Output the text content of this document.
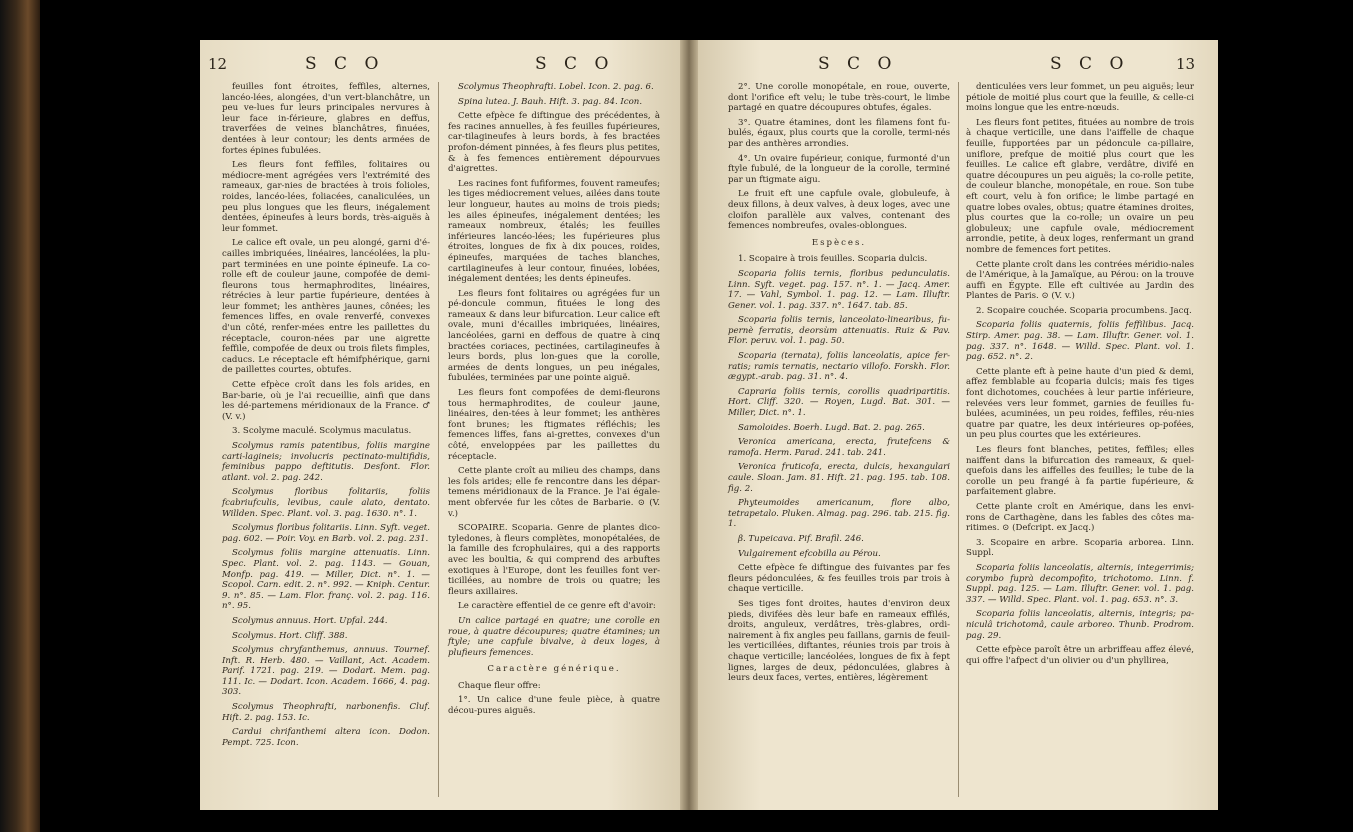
12	S C O	S C O

feuilles font étroites, feffiles, alternes, lancéo-lées, alongées, d'un vert-blanchâtre, un peu ve-lues fur leurs principales nervures à leur face in-férieure, glabres en deffus, traverfées de veines blanchâtres, finuées, dentées à leur contour; les dents armées de fortes épines fubulées.

Les fleurs font feffiles, folitaires ou médiocre-ment agrégées vers l'extrémité des rameaux, gar-nies de bractées à trois folioles, roides, lancéo-lées, foliacées, canaliculées, un peu plus longues que les fleurs, inégalement dentées, épineufes à leurs bords, très-aiguës à leur fommet.

Le calice eft ovale, un peu alongé, garni d'é-cailles imbriquées, linéaires, lancéolées, la plu-part terminées en une pointe épineufe. La co-rolle eft de couleur jaune, compofée de demi-fleurons tous hermaphrodites, linéaires, rétrécies à leur partie fupérieure, dentées à leur fommet; les anthères jaunes, cônées; les femences liffes, en ovale renverfé, convexes d'un côté, renfer-mées entre les paillettes du réceptacle, couron-nées par une aigrette feffile, compofée de deux ou trois filets fimples, caducs. Le réceptacle eft hémifphérique, garni de paillettes courtes, obtufes.

Cette efpèce croît dans les fols arides, en Bar-barie, où je l'ai recueillie, ainfi que dans les dé-partemens méridionaux de la France. ♂ (V. v.)

3. Scolyme maculé. Scolymus maculatus.

Scolymus ramis patentibus, foliis margine carti-lagineis; involucris pectinato-multifidis, feminibus pappo deftitutis. Desfont. Flor. atlant. vol. 2. pag. 242.

Scolymus floribus folitariis, foliis fcabriufculis, levibus, caule alato, dentato. Willden. Spec. Plant. vol. 3. pag. 1630. n°. 1.

Scolymus floribus folitariis. Linn. Syft. veget. pag. 602. — Poir. Voy. en Barb. vol. 2. pag. 231.

Scolymus foliis margine attenuatis. Linn. Spec. Plant. vol. 2. pag. 1143. — Gouan, Monfp. pag. 419. — Miller, Dict. n°. 1. — Scopol. Carn. edit. 2. n°. 992. — Kniph. Centur. 9. n°. 85. — Lam. Flor. franç. vol. 2. pag. 116. n°. 95.

Scolymus annuus. Hort. Upfal. 244.

Scolymus. Hort. Cliff. 388.

Scolymus chryfanthemus, annuus. Tournef. Inft. R. Herb. 480. — Vaillant, Act. Academ. Parif. 1721. pag. 219. — Dodart. Mem. pag. 111. Ic. — Dodart. Icon. Academ. 1666, 4. pag. 303.

Scolymus Theophrafti, narbonenfis. Cluf. Hift. 2. pag. 153. Ic.

Cardui chrifanthemi altera icon. Dodon. Pempt. 725. Icon.

Scolymus Theophrafti. Lobel. Icon. 2. pag. 6.

Spina lutea. J. Bauh. Hift. 3. pag. 84. Icon.

Cette efpèce fe diftingue des précédentes, à fes racines annuelles, à fes feuilles fupérieures, car-tilagineufes à leurs bords, à fes bractées profon-dément pinnées, à fes fleurs plus petites, & à fes femences entièrement dépourvues d'aigrettes.

Les racines font fufiformes, fouvent rameufes; les tiges médiocrement velues, ailées dans toute leur longueur, hautes au moins de trois pieds; les ailes épineufes, inégalement dentées; les rameaux nombreux, étalés; les feuilles inférieures lancéo-lées; les fupérieures plus étroites, longues de fix à dix pouces, roides, épineufes, marquées de taches blanches, cartilagineufes à leur contour, finuées, lobées, inégalement dentées; les dents épineufes.

Les fleurs font folitaires ou agrégées fur un pé-doncule commun, fituées le long des rameaux & dans leur bifurcation. Leur calice eft ovale, muni d'écailles imbriquées, linéaires, lancéolées, garni en deffous de quatre à cinq bractées coriaces, pectinées, cartilagineufes à leurs bords, plus lon-gues que la corolle, armées de dents longues, un peu inégales, fubulées, terminées par une pointe aiguë.

Les fleurs font compofées de demi-fleurons tous hermaphrodites, de couleur jaune, linéaires, den-tées à leur fommet; les anthères font brunes; les ftigmates réfléchis; les femences liffes, fans ai-grettes, convexes d'un côté, enveloppées par les paillettes du réceptacle.

Cette plante croît au milieu des champs, dans les fols arides; elle fe rencontre dans les dépar-temens méridionaux de la France. Je l'ai égale-ment obfervée fur les côtes de Barbarie. ⊙ (V. v.)

SCOPAIRE. Scoparia. Genre de plantes dico-tyledones, à fleurs complètes, monopétalées, de la famille des fcrophulaires, qui a des rapports avec les boultia, & qui comprend des arbuftes exotiques à l'Europe, dont les feuilles font ver-ticillées, au nombre de trois ou quatre; les fleurs axillaires.

Le caractère effentiel de ce genre eft d'avoir:

Un calice partagé en quatre; une corolle en roue, à quatre découpures; quatre étamines; un ftyle; une capfule bivalve, à deux loges, à plufieurs femences.

Caractère générique.

Chaque fleur offre:

1°. Un calice d'une feule pièce, à quatre décou-pures aiguës.

S C O	S C O	13

2°. Une corolle monopétale, en roue, ouverte, dont l'orifice eft velu; le tube très-court, le limbe partagé en quatre découpures obtufes, égales.

3°. Quatre étamines, dont les filamens font fu-bulés, égaux, plus courts que la corolle, termi-nés par des anthères arrondies.

4°. Un ovaire fupérieur, conique, furmonté d'un ftyle fubulé, de la longueur de la corolle, terminé par un ftigmate aigu.

Le fruit eft une capfule ovale, globuleufe, à deux fillons, à deux valves, à deux loges, avec une cloifon parallèle aux valves, contenant des femences nombreufes, ovales-oblongues.

Espèces.

1. Scopaire à trois feuilles. Scoparia dulcis.

Scoparia foliis ternis, floribus pedunculatis. Linn. Syft. veget. pag. 157. n°. 1. — Jacq. Amer. 17. — Vahl, Symbol. 1. pag. 12. — Lam. Illuftr. Gener. vol. 1. pag. 337. n°. 1647. tab. 85.

Scoparia foliis ternis, lanceolato-linearibus, fu-pernè ferratis, deorsùm attenuatis. Ruiz & Pav. Flor. peruv. vol. 1. pag. 50.

Scoparia (ternata), foliis lanceolatis, apice fer-ratis; ramis ternatis, nectario villofo. Forskh. Flor. ægypt.-arab. pag. 31. n°. 4.

Capraria foliis ternis, corollis quadripartitis. Hort. Cliff. 320. — Royen, Lugd. Bat. 301. — Miller, Dict. n°. 1.

Samoloides. Boerh. Lugd. Bat. 2. pag. 265.

Veronica americana, erecta, frutefcens & ramofa. Herm. Parad. 241. tab. 241.

Veronica fruticofa, erecta, dulcis, hexangulari caule. Sloan. Jam. 81. Hift. 21. pag. 195. tab. 108. fig. 2.

Phyteumoides americanum, flore albo, tetrapetalo. Pluken. Almag. pag. 296. tab. 215. fig. 1.

β. Tupeicava. Pif. Brafil. 246.

Vulgairement efcobilla au Pérou.

Cette efpèce fe diftingue des fuivantes par fes fleurs pédonculées, & fes feuilles trois par trois à chaque verticille.

Ses tiges font droites, hautes d'environ deux pieds, divifées dès leur bafe en rameaux effilés, droits, anguleux, verdâtres, très-glabres, ordi-nairement à fix angles peu faillans, garnis de feuil-les verticillées, diftantes, réunies trois par trois à chaque verticille; lancéolées, longues de fix à fept lignes, larges de deux, pédonculées, glabres à leurs deux faces, vertes, entières, légèrement

denticulées vers leur fommet, un peu aiguës; leur pétiole de moitié plus court que la feuille, & celle-ci moins longue que les entre-nœuds.

Les fleurs font petites, fituées au nombre de trois à chaque verticille, une dans l'aiffelle de chaque feuille, fupportées par un pédoncule ca-pillaire, uniflore, prefque de moitié plus court que les feuilles. Le calice eft glabre, verdâtre, divifé en quatre découpures un peu aiguës; la co-rolle petite, de couleur blanche, monopétale, en roue. Son tube eft court, velu à fon orifice; le limbe partagé en quatre lobes ovales, obtus; quatre étamines droites, plus courtes que la co-rolle; un ovaire un peu globuleux; une capfule ovale, médiocrement arrondie, petite, à deux loges, renfermant un grand nombre de femences fort petites.

Cette plante croît dans les contrées méridio-nales de l'Amérique, à la Jamaïque, au Pérou: on la trouve auffi en Égypte. Elle eft cultivée au Jardin des Plantes de Paris. ⊙ (V. v.)

2. Scopaire couchée. Scoparia procumbens. Jacq.

Scoparia foliis quaternis, foliis feffilibus. Jacq. Stirp. Amer. pag. 38. — Lam. Illuftr. Gener. vol. 1. pag. 337. n°. 1648. — Willd. Spec. Plant. vol. 1. pag. 652. n°. 2.

Cette plante eft à peine haute d'un pied & demi, affez femblable au fcoparia dulcis; mais fes tiges font dichotomes, couchées à leur partie inférieure, relevées vers leur fommet, garnies de feuilles fu-bulées, acuminées, un peu roides, feffiles, réu-nies quatre par quatre, les deux intérieures op-pofées, un peu plus courtes que les extérieures.

Les fleurs font blanches, petites, feffiles; elles naiffent dans la bifurcation des rameaux, & quel-quefois dans les aiffelles des feuilles; le tube de la corolle un peu frangé à fa partie fupérieure, & parfaitement glabre.

Cette plante croît en Amérique, dans les envi-rons de Carthagène, dans les fables des côtes ma-ritimes. ⊙ (Defcript. ex Jacq.)

3. Scopaire en arbre. Scoparia arborea. Linn. Suppl.

Scoparia foliis lanceolatis, alternis, integerrimis; corymbo fuprà decompofito, trichotomo. Linn. f. Suppl. pag. 125. — Lam. Illuftr. Gener. vol. 1. pag. 337. — Willd. Spec. Plant. vol. 1. pag. 653. n°. 3.

Scoparia foliis lanceolatis, alternis, integris; pa-niculâ trichotomâ, caule arboreo. Thunb. Prodrom. pag. 29.

Cette efpèce paroît être un arbriffeau affez élevé, qui offre l'afpect d'un olivier ou d'un phyllirea,
